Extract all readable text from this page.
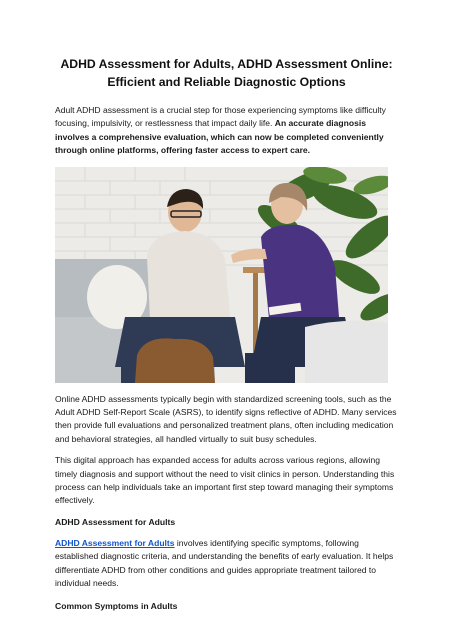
ADHD Assessment for Adults, ADHD Assessment Online: Efficient and Reliable Diagnostic Options

Adult ADHD assessment is a crucial step for those experiencing symptoms like difficulty focusing, impulsivity, or restlessness that impact daily life. An accurate diagnosis involves a comprehensive evaluation, which can now be completed conveniently through online platforms, offering faster access to expert care.

Online ADHD assessments typically begin with standardized screening tools, such as the Adult ADHD Self-Report Scale (ASRS), to identify signs reflective of ADHD. Many services then provide full evaluations and personalized treatment plans, often including medication and behavioral strategies, all handled virtually to suit busy schedules.

This digital approach has expanded access for adults across various regions, allowing timely diagnosis and support without the need to visit clinics in person. Understanding this process can help individuals take an important first step toward managing their symptoms effectively.

ADHD Assessment for Adults

ADHD Assessment for Adults involves identifying specific symptoms, following established diagnostic criteria, and understanding the benefits of early evaluation. It helps differentiate ADHD from other conditions and guides appropriate treatment tailored to individual needs.

Common Symptoms in Adults
